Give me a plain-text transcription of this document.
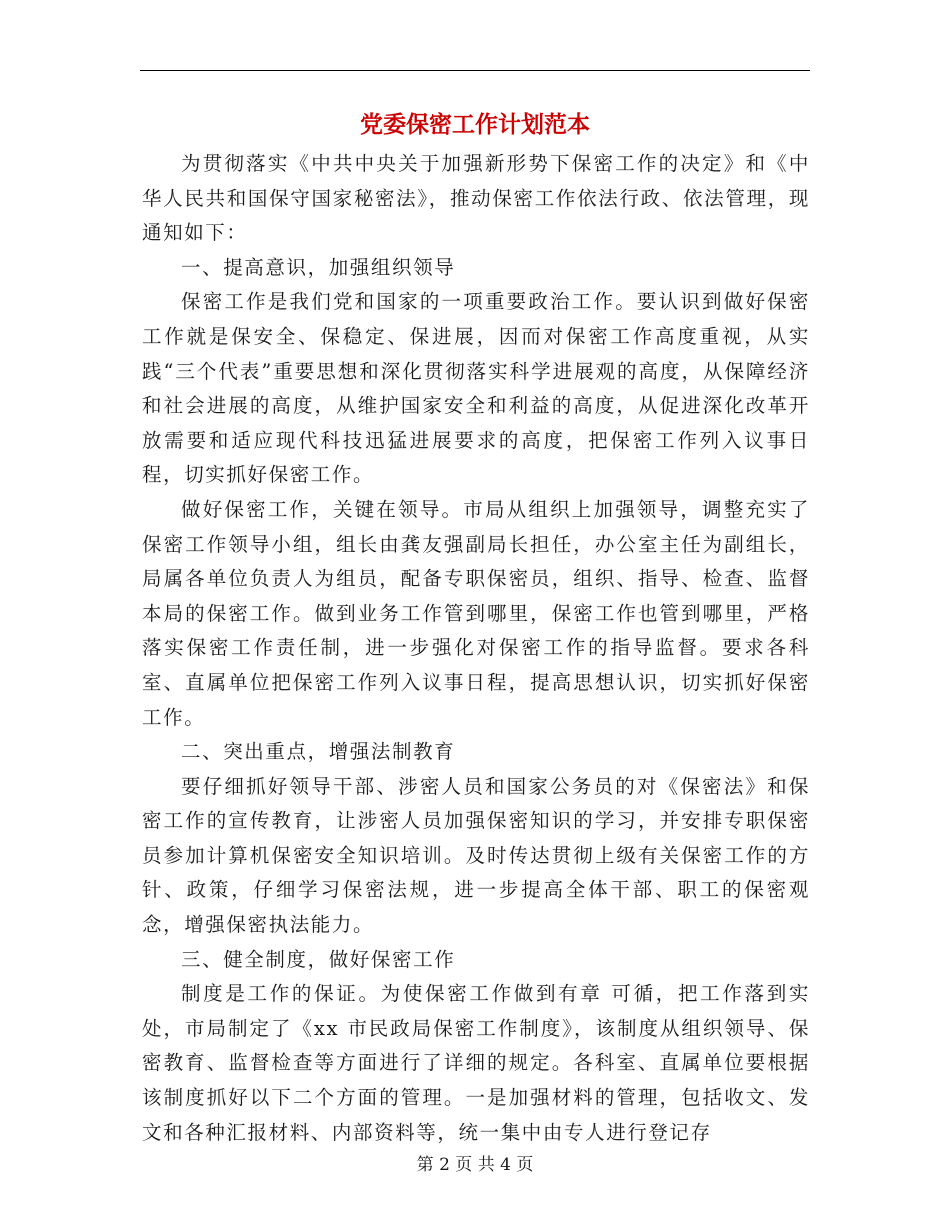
党委保密工作计划范本

为贯彻落实《中共中央关于加强新形势下保密工作的决定》和《中华人民共和国保守国家秘密法》，推动保密工作依法行政、依法管理，现通知如下：

一、提高意识，加强组织领导

保密工作是我们党和国家的一项重要政治工作。要认识到做好保密工作就是保安全、保稳定、保进展，因而对保密工作高度重视，从实践“三个代表”重要思想和深化贯彻落实科学进展观的高度，从保障经济和社会进展的高度，从维护国家安全和利益的高度，从促进深化改革开放需要和适应现代科技迅猛进展要求的高度，把保密工作列入议事日程，切实抓好保密工作。

做好保密工作，关键在领导。市局从组织上加强领导，调整充实了保密工作领导小组，组长由龚友强副局长担任，办公室主任为副组长，局属各单位负责人为组员，配备专职保密员，组织、指导、检查、监督本局的保密工作。做到业务工作管到哪里，保密工作也管到哪里，严格落实保密工作责任制，进一步强化对保密工作的指导监督。要求各科室、直属单位把保密工作列入议事日程，提高思想认识，切实抓好保密工作。

二、突出重点，增强法制教育

要仔细抓好领导干部、涉密人员和国家公务员的对《保密法》和保密工作的宣传教育，让涉密人员加强保密知识的学习，并安排专职保密员参加计算机保密安全知识培训。及时传达贯彻上级有关保密工作的方针、政策，仔细学习保密法规，进一步提高全体干部、职工的保密观念，增强保密执法能力。

三、健全制度，做好保密工作

制度是工作的保证。为使保密工作做到有章 可循，把工作落到实处，市局制定了《xx 市民政局保密工作制度》，该制度从组织领导、保密教育、监督检查等方面进行了详细的规定。各科室、直属单位要根据该制度抓好以下二个方面的管理。一是加强材料的管理，包括收文、发文和各种汇报材料、内部资料等，统一集中由专人进行登记存

第 2 页 共 4 页
